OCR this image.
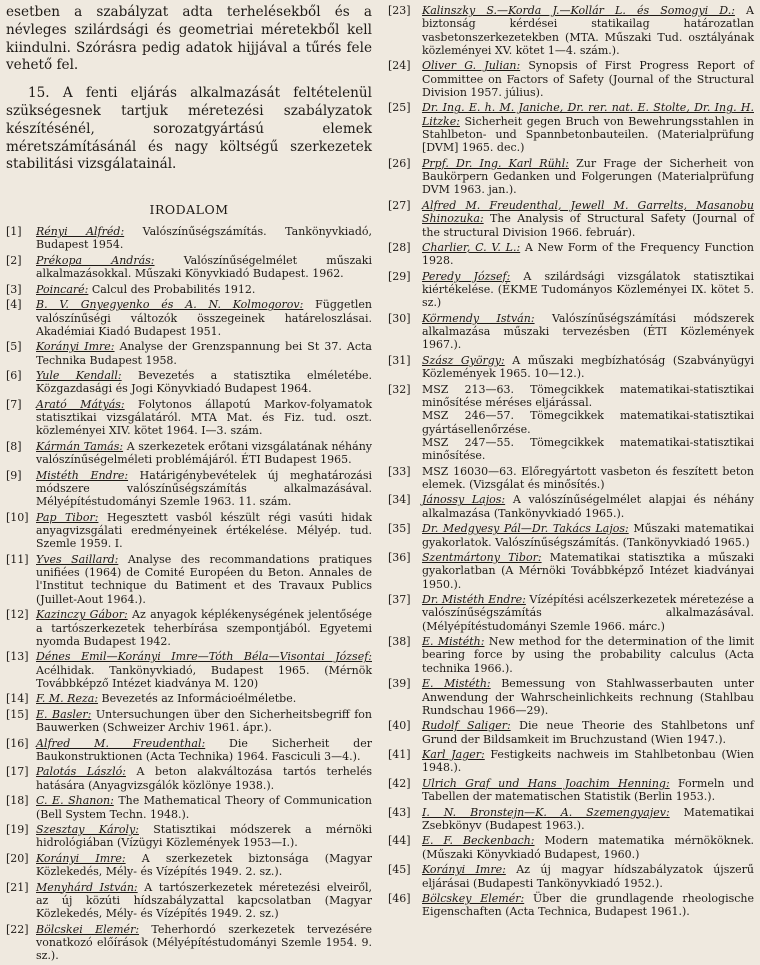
esetben a szabályzat adta terhelésekből és a névleges szilárdsági és geometriai méretekből kell kiindulni. Szórásra pedig adatok hijjával a tűrés fele vehető fel.

15. A fenti eljárás alkalmazását feltételenül szükségesnek tartjuk méretezési szabályzatok készítésénél, sorozatgyártású elemek méretszámításánál és nagy költségű szerkezetek stabilitási vizsgálatainál.

IRODALOM
[1]	Rényi Alfréd: Valószínűségszámítás. Tankönyvkiadó, Budapest 1954.
[2]	Prékopa András:	Valószínűségelmélet műszaki alkalmazásokkal. Műszaki Könyvkiadó Budapest. 1962.
[3]	Poincaré: Calcul des Probabilités 1912.
[4]	B. V. Gnyegyenko és A. N. Kolmogorov: Független valószínűségi változók összegeinek határeloszlásai. Akadémiai Kiadó Budapest 1951.
[5]	Korányi Imre: Analyse der Grenzspannung bei St 37. Acta Technika Budapest 1958.
[6]	Yule Kendall: Bevezetés a statisztika elméletébe. Közgazdasági és Jogi Könyvkiadó Budapest 1964.
[7]	Arató Mátyás: Folytonos állapotú Markov-folyamatok statisztikai vizsgálatáról. MTA Mat. és Fiz. tud. oszt. közleményei XIV. kötet 1964. I—3. szám.
[8]	Kármán Tamás: A szerkezetek erőtani vizsgálatának néhány valószínűségelméleti problémájáról. ÉTI Budapest 1965.
[9]	Mistéth Endre: Határigénybevételek új meghatározási módszere valószínűségszámítás alkalmazásával. Mélyépítéstudományi Szemle 1963. 11. szám.
[10] Pap Tibor: Hegesztett vasból készült régi vasúti hidak anyagvizsgálati eredményeinek értékelése. Mélyép. tud. Szemle 1959. I.
[11] Yves Saillard: Analyse des recommandations pratiques unifiées (1964) de Comité Européen du Beton. Annales de l'Institut technique du Batiment et des Travaux Publics (Juillet-Aout 1964.).
[12] Kazinczy Gábor: Az anyagok képlékenységének jelentősége a tartószerkezetek teherbírása szempontjából. Egyetemi nyomda Budapest 1942.
[13] Dénes Emil—Korányi Imre—Tóth Béla—Visontai József: Acélhidak. Tankönyvkiadó, Budapest 1965. (Mérnök Továbbképző Intézet kiadványa M. 120)
[14] F. M. Reza: Bevezetés az Informácioélméletbe.
[15] E. Basler: Untersuchungen über den Sicherheitsbegriff fon Bauwerken (Schweizer Archiv 1961. ápr.).
[16] Alfred M. Freudenthal: Die Sicherheit der Baukonstruktionen (Acta Technika) 1964. Fasciculi 3—4.).
[17] Palotás László: A beton alakváltozása tartós terhelés hatására (Anyagvizsgálók közlönye 1938.).
[18] C. E. Shanon: The Mathematical Theory of Communication (Bell System Techn. 1948.).
[19] Szesztay Károly: Statisztikai módszerek a mérnöki hidrológiában (Vízügyi Közlemények 1953—I.).
[20] Korányi Imre: A szerkezetek biztonsága (Magyar Közlekedés, Mély- és Vízépítés 1949. 2. sz.).
[21] Menyhárd István: A tartószerkezetek méretezési elveiről, az új közúti hídszabályzattal kapcsolatban (Magyar Közlekedés, Mély- és Vízépítés 1949. 2. sz.)
[22] Bölcskei Elemér: Teherhordó szerkezetek tervezésére vonatkozó előírások (Mélyépítéstudományi Szemle 1954. 9. sz.).
[23]	Kalinszky S.—Korda J.—Kollár L. és Somogyi D.: A biztonság kérdései statikailag határozatlan vasbetonszerkezetekben (MTA. Műszaki Tud. osztályának közleményei XV. kötet 1—4. szám.).
[24]	Oliver G. Julian: Synopsis of First Progress Report of Committee on Factors of Safety (Journal of the Structural Division 1957. július).
[25]	Dr. Ing. E. h. M. Janiche, Dr. rer. nat. E. Stolte, Dr. Ing. H. Litzke: Sicherheit gegen Bruch von Bewehrungsstahlen in Stahlbeton- und Spannbetonbauteilen. (Materialprüfung [DVM] 1965. dec.)
[26]	Prpf. Dr. Ing. Karl Rühl: Zur Frage der Sicherheit von Baukörpern Gedanken und Folgerungen (Materialprüfung DVM 1963. jan.).
[27]	Alfred M. Freudenthal, Jewell M. Garrelts, Masanobu Shinozuka: The Analysis of Structural Safety (Journal of the structural Division 1966. február).
[28]	Charlier, C. V. L.: A New Form of the Frequency Function 1928.
[29]	Peredy József: A szilárdsági vizsgálatok statisztikai kiértékelése. (ÉKME Tudományos Közleményei IX. kötet 5. sz.)
[30]	Körmendy István: Valószínűségszámítási módszerek alkalmazása műszaki tervezésben (ÉTI Közlemények 1967.).
[31]	Szász György: A műszaki megbízhatóság (Szabványügyi Közlemények 1965. 10—12.).
[32]	MSZ 213—63. Tömegcikkek matematikai-statisztikai minősítése méréses eljárással.
MSZ 246—57. Tömegcikkek matematikai-statisztikai gyártásellenőrzése.
MSZ 247—55. Tömegcikkek matematikai-statisztikai minősítése.
[33]	MSZ 16030—63. Előregyártott vasbeton és feszített beton elemek. (Vizsgálat és minősítés.)
[34]	Jánossy Lajos: A valószínűségelmélet alapjai és néhány alkalmazása (Tankönyvkiadó 1965.).
[35]	Dr. Medgyesy Pál—Dr. Takács Lajos: Műszaki matematikai gyakorlatok. Valószínűségszámítás. (Tankönyvkiadó 1965.)
[36]	Szentmártony Tibor: Matematikai statisztika a műszaki gyakorlatban (A Mérnöki Továbbképző Intézet kiadványai 1950.).
[37]	Dr. Mistéth Endre: Vízépítési acélszerkezetek méretezése a valószínűségszámítás alkalmazásával. (Mélyépítéstudományi Szemle 1966. márc.)
[38]	E. Mistéth: New method for the determination of the limit bearing force by using the probability calculus (Acta technika 1966.).
[39]	E. Mistéth: Bemessung von Stahlwasserbauten unter Anwendung der Wahrscheinlichkeits rechnung (Stahlbau Rundschau 1966—29).
[40]	Rudolf Saliger: Die neue Theorie des Stahlbetons unf Grund der Bildsamkeit im Bruchzustand (Wien 1947.).
[41]	Karl Jager: Festigkeits nachweis im Stahlbetonbau (Wien 1948.).
[42]	Ulrich Graf und Hans Joachim Henning: Formeln und Tabellen der matematischen Statistik (Berlin 1953.).
[43]	I. N. Bronstejn—K. A. Szemengyajev: Matematikai Zsebkönyv (Budapest 1963.).
[44]	E. F. Beckenbach: Modern matematika mérnököknek. (Műszaki Könyvkiadó Budapest, 1960.)
[45]	Korányi Imre: Az új magyar hídszabályzatok újszerű eljárásai (Budapesti Tankönyvkiadó 1952.).
[46]	Bölcskey Elemér: Über die grundlagende rheologische Eigenschaften (Acta Technica, Budapest 1961.).
